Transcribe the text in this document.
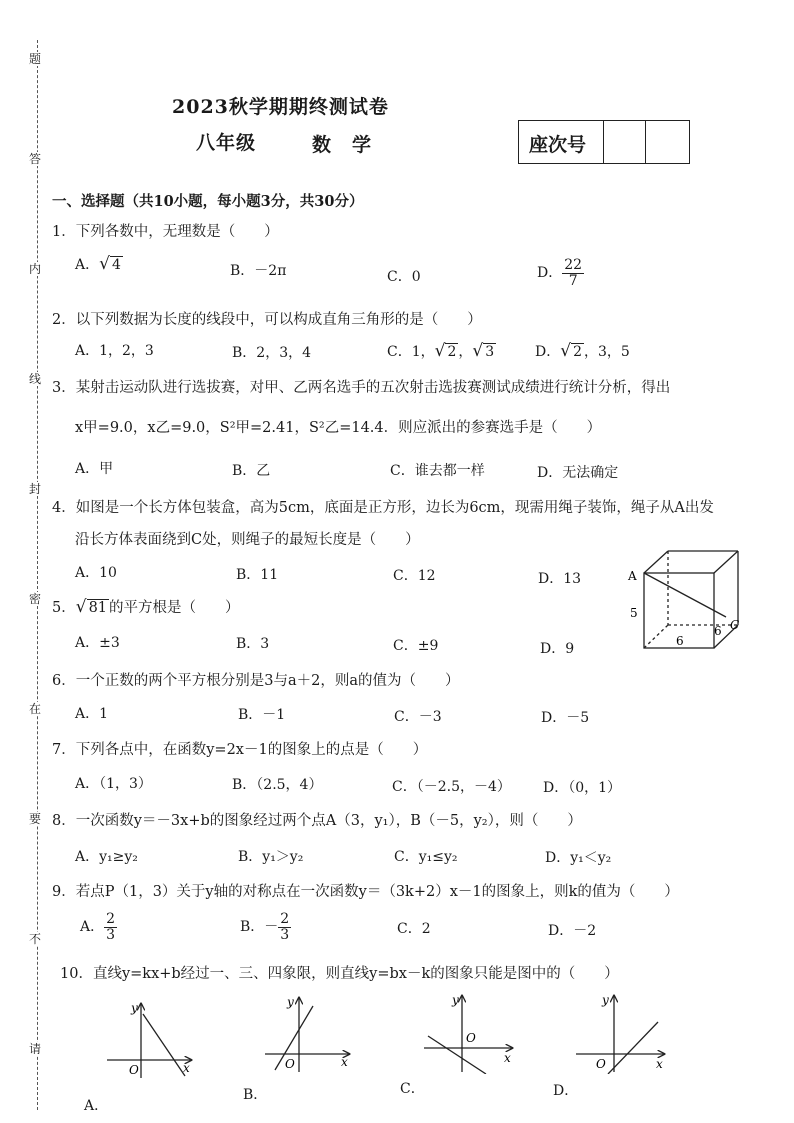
题
答
内
线
封
密
在
要
不
请
2023秋学期期终测试卷
八年级	数　学	座次号
一、选择题（共10小题，每小题3分，共30分）
1．下列各数中，无理数是（　　）
A．√ 4	B．－2π	C．0	D． $\frac{22}{7}$
2．以下列数据为长度的线段中，可以构成直角三角形的是（　　）
A．1，2，3	B．2，3，4	C．1，√ 2 ，√ 3	D．√ 2 ，3，5
3．某射击运动队进行选拔赛，对甲、乙两名选手的五次射击选拔赛测试成绩进行统计分析，得出
x甲=9.0，x乙=9.0，S²甲=2.41，S²乙=14.4．则应派出的参赛选手是（　　）
A．甲	B．乙	C．谁去都一样	D．无法确定
4．如图是一个长方体包装盒，高为5cm，底面是正方形，边长为6cm，现需用绳子装饰，绳子从A出发
沿长方体表面绕到C处，则绳子的最短长度是（　　）
A．10	B．11	C．12	D．13	A
C
5
6
6
5．√ 81 的平方根是（　　）
A．±3	B．3	C．±9	D．9
6．一个正数的两个平方根分别是3与a＋2，则a的值为（　　）
A．1	B．－1	C．－3	D．－5
7．下列各点中，在函数y=2x－1的图象上的点是（　　）
A．（1，3）	B．（2.5，4）	C．（－2.5，－4） D．（0，1）
8．一次函数y＝－3x+b的图象经过两个点A（3，y₁），B（－5，y₂），则（　　）
A．y₁≥y₂	B．y₁＞y₂	C．y₁≤y₂	D．y₁＜y₂
9．若点P（1，3）关于y轴的对称点在一次函数y＝（3k+2）x－1的图象上，则k的值为（　　）
A． $\frac{2}{3}$	B．－ $\frac{2}{3}$	C．2	D．－2
10．直线y=kx+b经过一、三、四象限，则直线y=bx－k的图象只能是图中的（　　）
y
x
O
A．
y
x
O
B．
y
x
O
C．
y
x
O
D．
